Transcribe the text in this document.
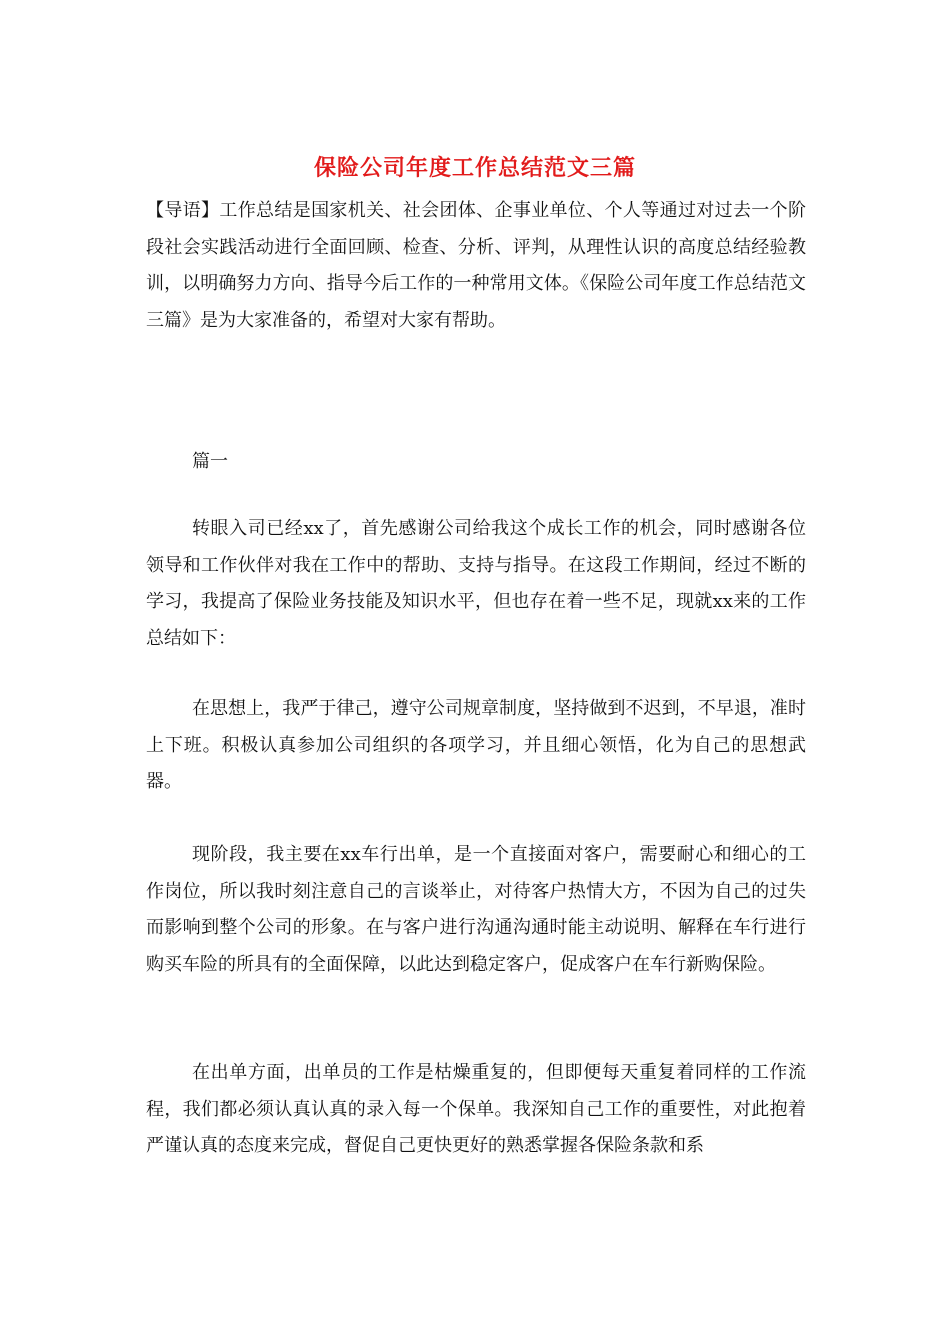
保险公司年度工作总结范文三篇
【导语】工作总结是国家机关、社会团体、企事业单位、个人等通过对过去一个阶段社会实践活动进行全面回顾、检查、分析、评判，从理性认识的高度总结经验教训，以明确努力方向、指导今后工作的一种常用文体。《保险公司年度工作总结范文三篇》是为大家准备的，希望对大家有帮助。
篇一

转眼入司已经xx了，首先感谢公司给我这个成长工作的机会，同时感谢各位领导和工作伙伴对我在工作中的帮助、支持与指导。在这段工作期间，经过不断的学习，我提高了保险业务技能及知识水平，但也存在着一些不足，现就xx来的工作总结如下：

在思想上，我严于律己，遵守公司规章制度，坚持做到不迟到，不早退，准时上下班。积极认真参加公司组织的各项学习，并且细心领悟，化为自己的思想武器。

现阶段，我主要在xx车行出单，是一个直接面对客户，需要耐心和细心的工作岗位，所以我时刻注意自己的言谈举止，对待客户热情大方，不因为自己的过失而影响到整个公司的形象。在与客户进行沟通沟通时能主动说明、解释在车行进行购买车险的所具有的全面保障，以此达到稳定客户，促成客户在车行新购保险。

在出单方面，出单员的工作是枯燥重复的，但即便每天重复着同样的工作流程，我们都必须认真认真的录入每一个保单。我深知自己工作的重要性，对此抱着严谨认真的态度来完成，督促自己更快更好的熟悉掌握各保险条款和系
